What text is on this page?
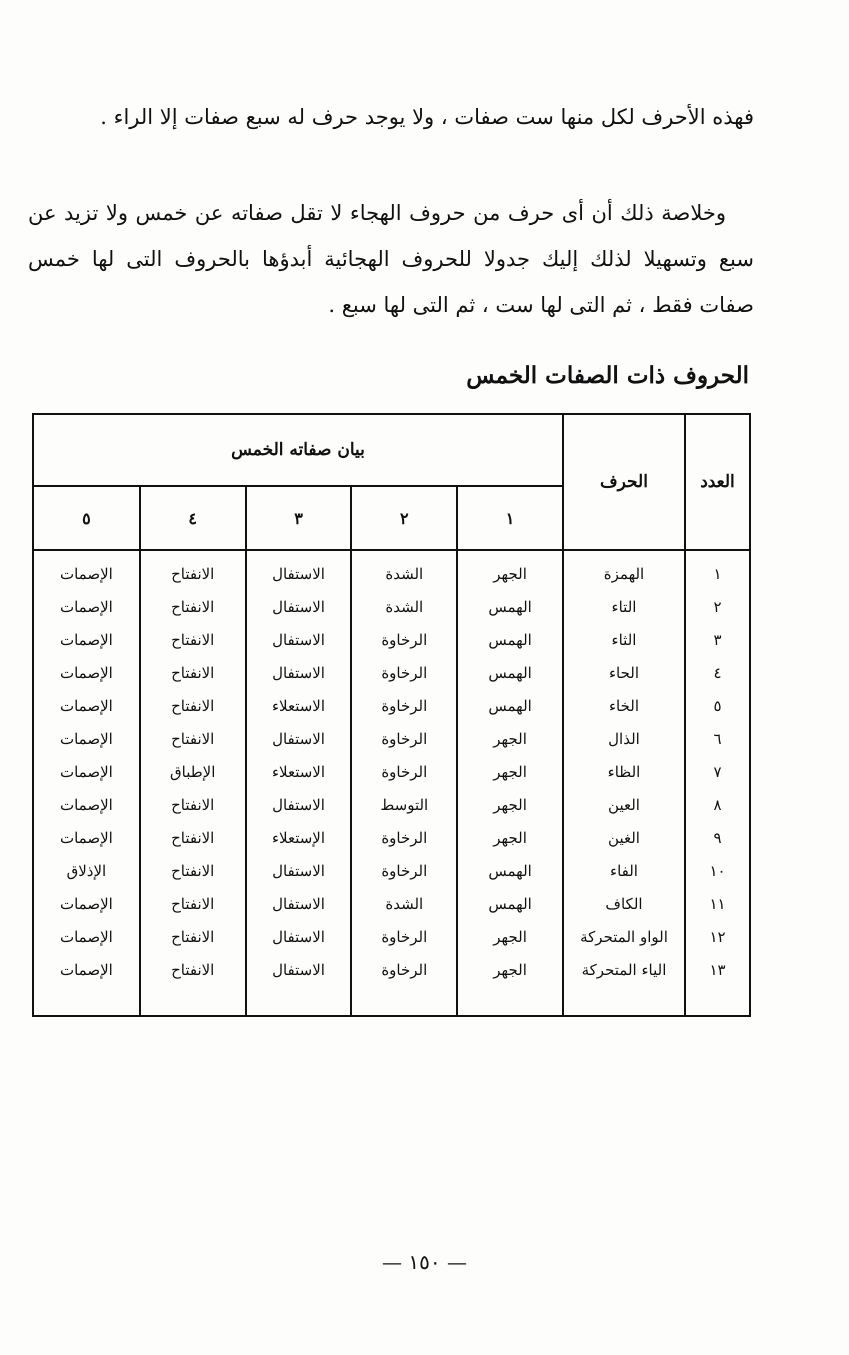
فهذه الأحرف لكل منها ست صفات ، ولا يوجد حرف له سبع صفات إلا الراء .
وخلاصة ذلك أن أى حرف من حروف الهجاء لا تقل صفاته عن خمس ولا تزيد عن سبع وتسهيلا لذلك إليك جدولا للحروف الهجائية أبدؤها بالحروف التى لها خمس صفات فقط ، ثم التى لها ست ، ثم التى لها سبع .
الحروف ذات الصفات الخمس
العدد	الحرف	بيان صفاته الخمس				
		١	٢	٣	٤	٥

١	الهمزة	الجهر	الشدة	الاستفال	الانفتاح	الإصمات
٢	التاء	الهمس	الشدة	الاستفال	الانفتاح	الإصمات
٣	الثاء	الهمس	الرخاوة	الاستفال	الانفتاح	الإصمات
٤	الحاء	الهمس	الرخاوة	الاستفال	الانفتاح	الإصمات
٥	الخاء	الهمس	الرخاوة	الاستعلاء	الانفتاح	الإصمات
٦	الذال	الجهر	الرخاوة	الاستفال	الانفتاح	الإصمات
٧	الظاء	الجهر	الرخاوة	الاستعلاء	الإطباق	الإصمات
٨	العين	الجهر	التوسط	الاستفال	الانفتاح	الإصمات
٩	الغين	الجهر	الرخاوة	الإستعلاء	الانفتاح	الإصمات
١٠	الفاء	الهمس	الرخاوة	الاستفال	الانفتاح	الإذلاق
١١	الكاف	الهمس	الشدة	الاستفال	الانفتاح	الإصمات
١٢	الواو المتحركة	الجهر	الرخاوة	الاستفال	الانفتاح	الإصمات
١٣	الياء المتحركة	الجهر	الرخاوة	الاستفال	الانفتاح	الإصمات

— ١٥٠ —
